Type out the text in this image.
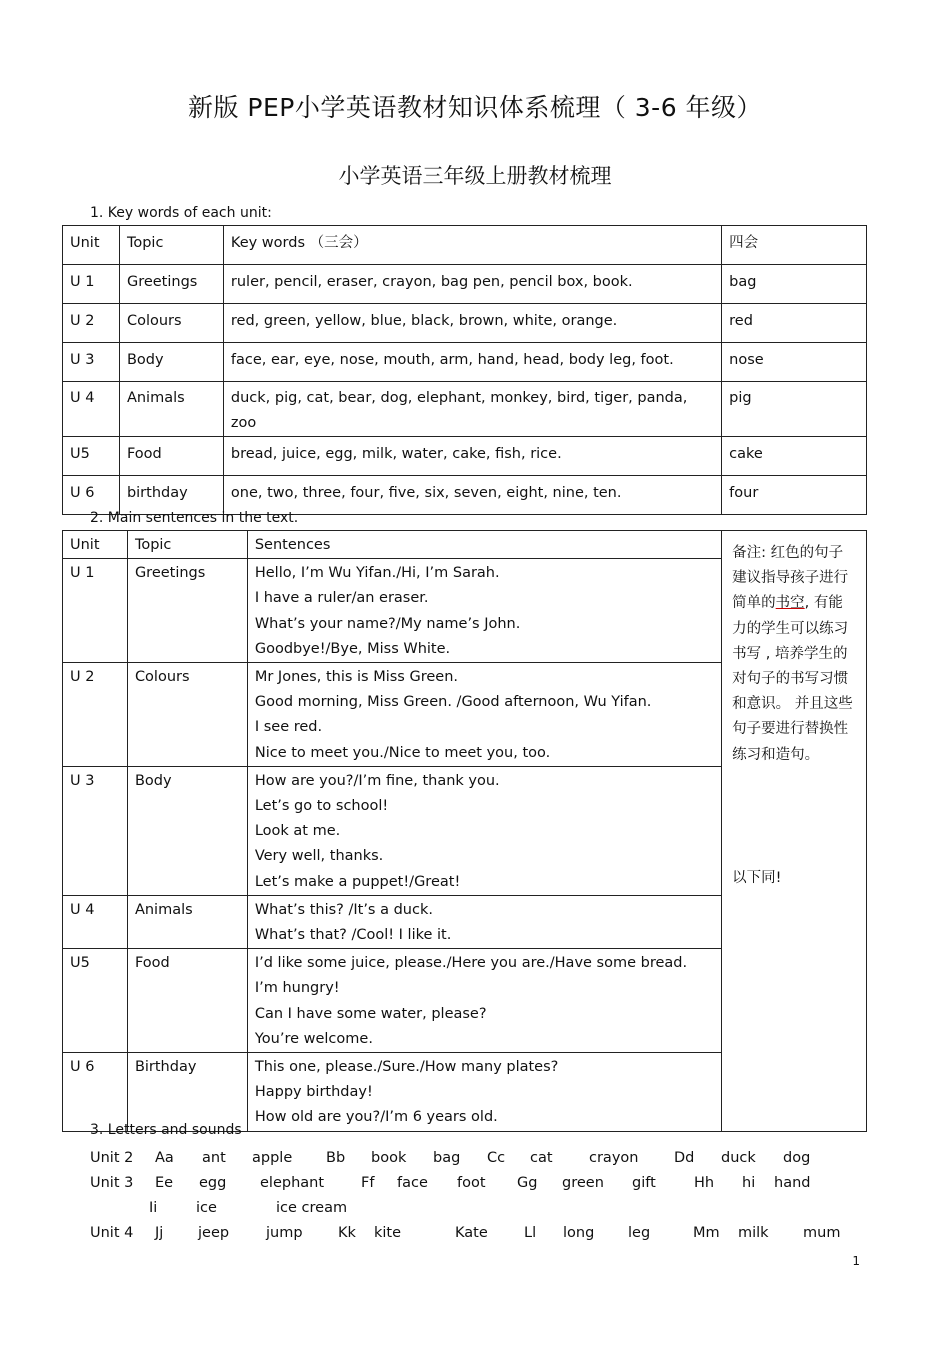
新版 PEP小学英语教材知识体系梳理（ 3-6 年级）
小学英语三年级上册教材梳理
1. Key words of each unit:
Unit	Topic	Key words （三会）	四会
U 1	Greetings	ruler, pencil, eraser, crayon, bag pen, pencil box, book.	bag
U 2	Colours	red, green, yellow, blue, black, brown, white, orange.	red
U 3	Body	face, ear, eye, nose, mouth, arm, hand, head, body leg, foot.	nose
U 4	Animals	duck, pig, cat, bear, dog, elephant, monkey, bird, tiger, panda,
zoo	pig
U5	Food	bread, juice, egg, milk, water, cake, fish, rice.	cake
U 6	birthday	one, two, three, four, five, six, seven, eight, nine, ten.	four
2. Main sentences in the text.
Unit	Topic	Sentences	备注: 红色的句子建议指导孩子进行简单的书空, 有能力的学生可以练习 书写 , 培养学生的对句子的书写习惯和意识。 并且这些句子要进行替换性练习和造句。
以下同!

U 1	Greetings	Hello, I’m Wu Yifan./Hi, I’m Sarah.
I have a ruler/an eraser.
What’s your name?/My name’s John.
Goodbye!/Bye, Miss White.	

U 2	Colours	Mr Jones, this is Miss Green.
Good morning, Miss Green. /Good afternoon, Wu Yifan.
I see red.
Nice to meet you./Nice to meet you, too.	

U 3	Body	How are you?/I’m fine, thank you.
Let’s go to school!
Look at me.
Very well, thanks.
Let’s make a puppet!/Great!	

U 4	Animals	What’s this? /It’s a duck.
What’s that? /Cool! I like it.	

U5	Food	I’d like some juice, please./Here you are./Have some bread.
I’m hungry!
Can I have some water, please?
You’re welcome.	

U 6	Birthday	This one, please./Sure./How many plates?
Happy birthday!
How old are you?/I’m 6 years old.	
3. Letters and sounds
Unit 2 Aa ant apple Bb book bag Cc cat	crayon Dd duck dog
Unit 3 Ee egg elephant	Ff face foot Gg green gift	Hh hi hand
Ii	ice	ice cream
Unit 4 Jj jeep	jump Kk kite	Kate	Ll long leg	Mm milk mum
1
